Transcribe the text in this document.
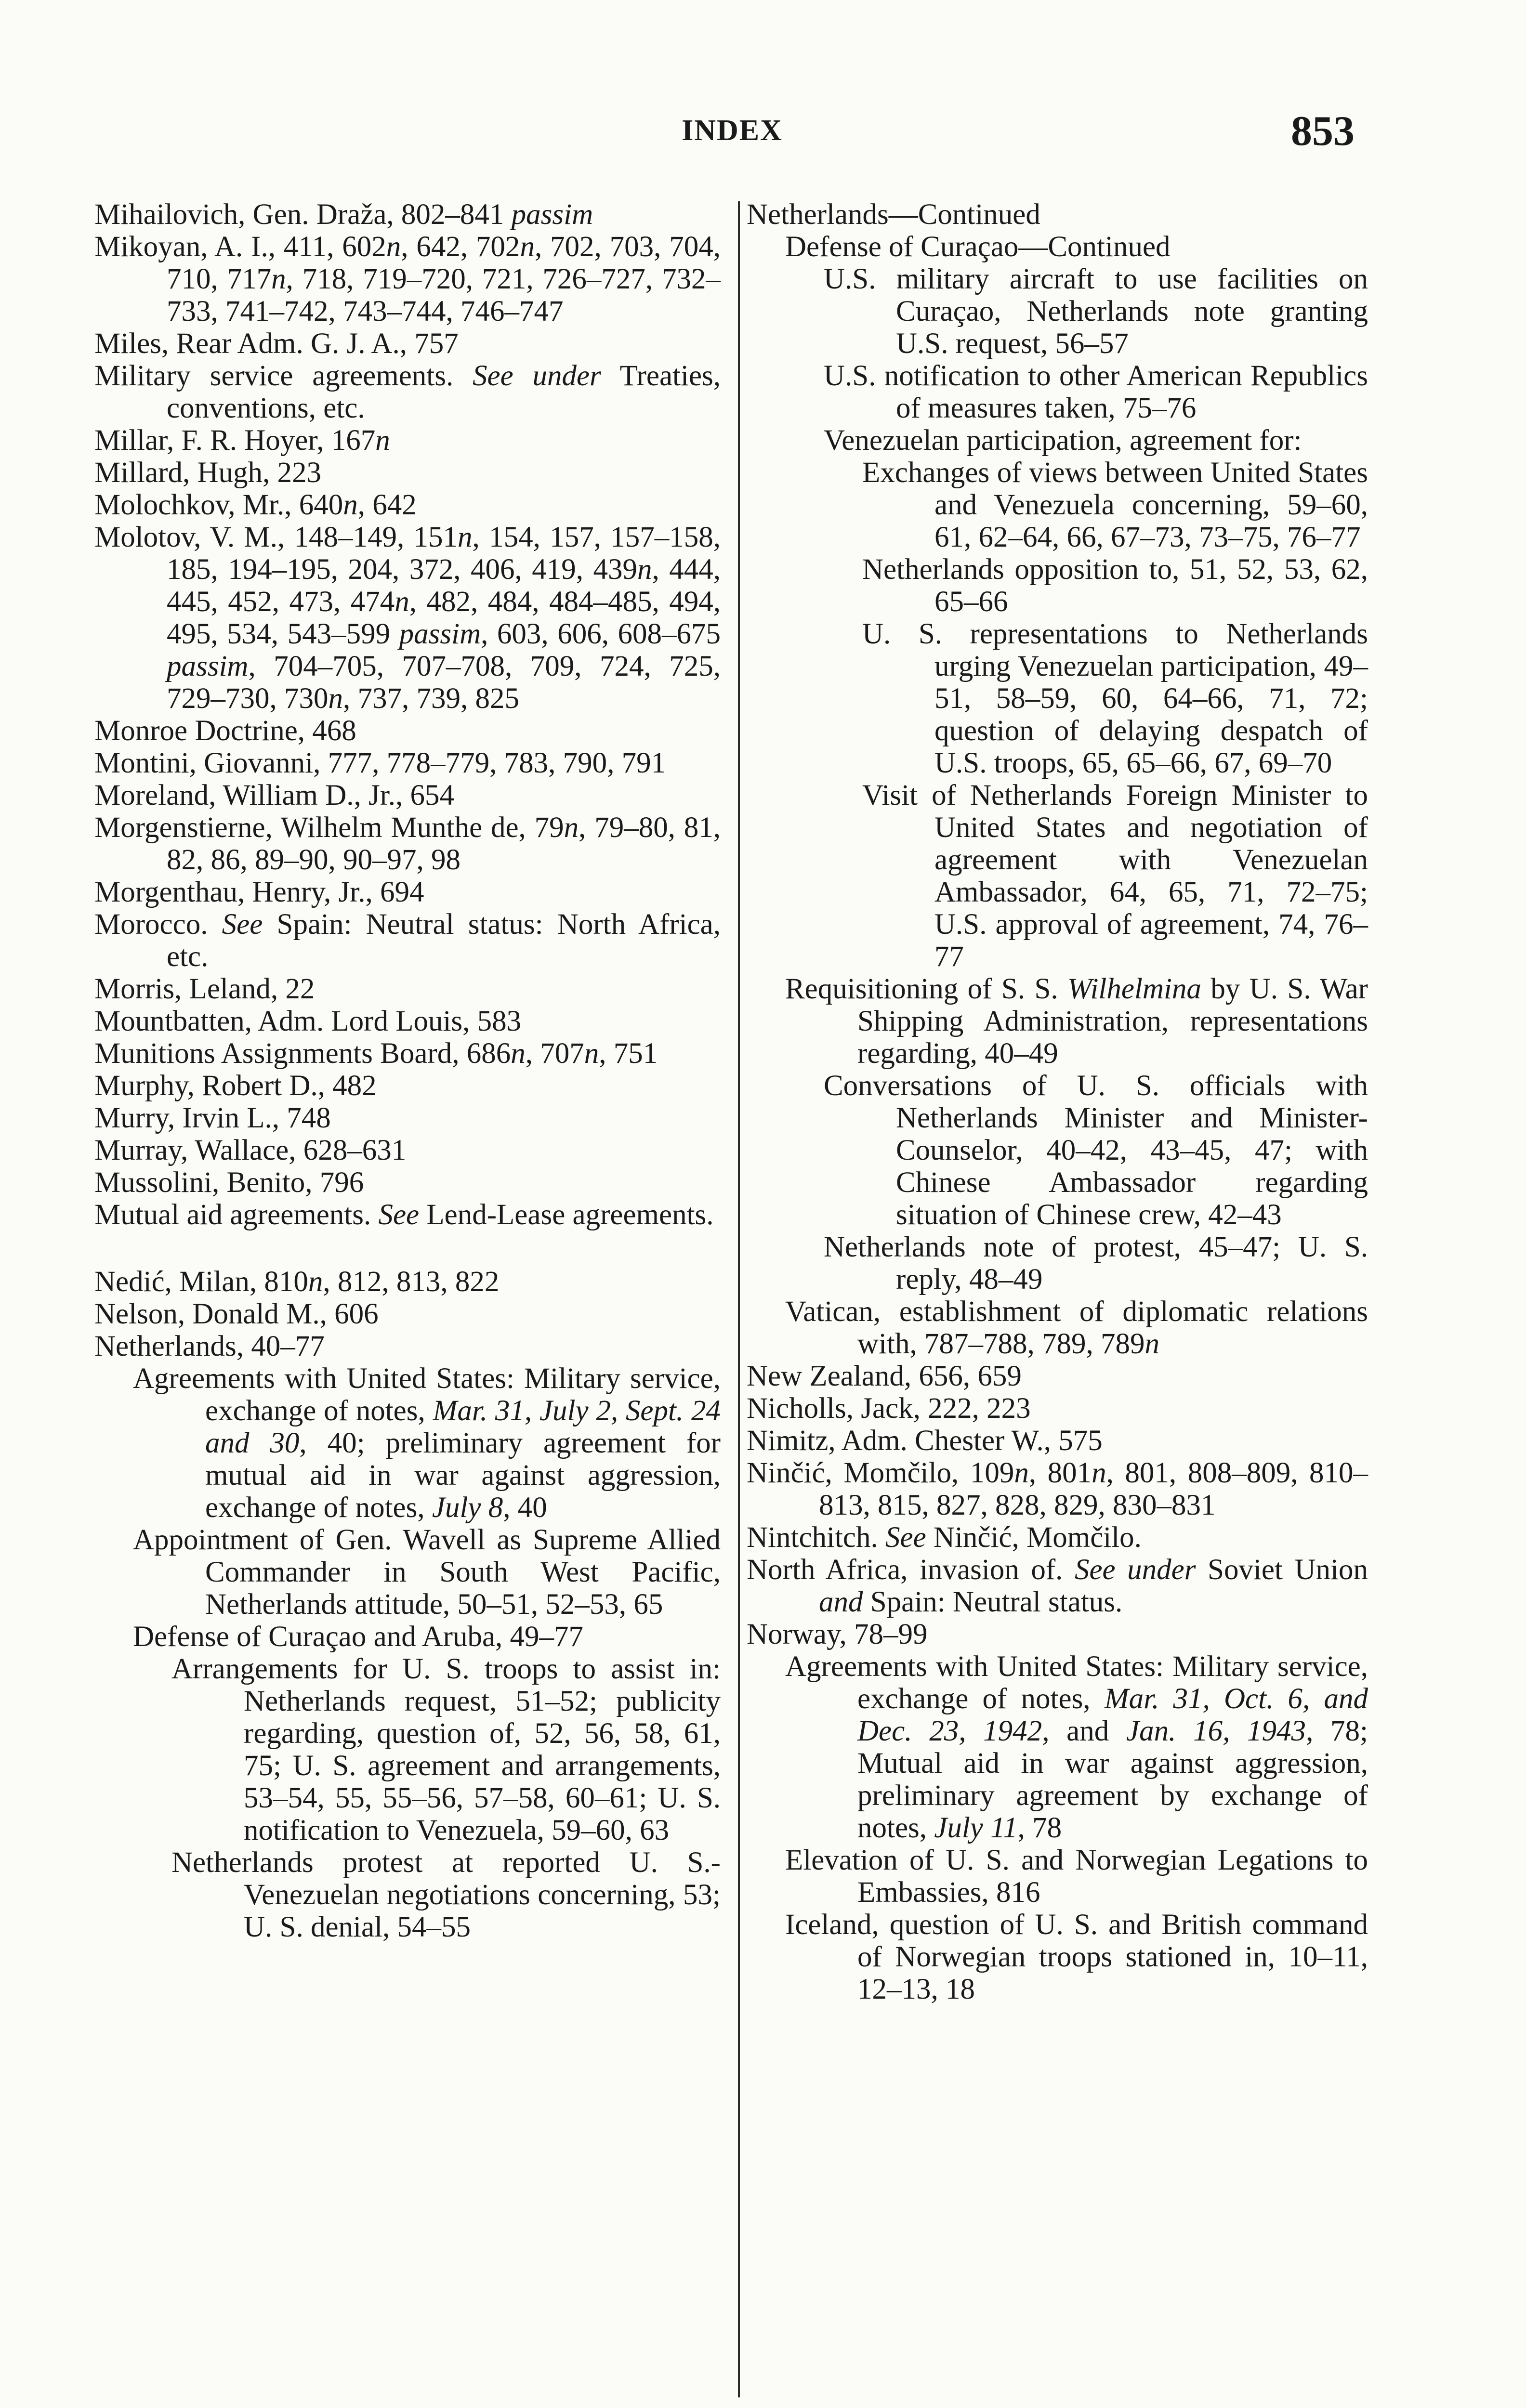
INDEX	853

Mihailovich, Gen. Draža, 802–841 passim

Mikoyan, A. I., 411, 602n, 642, 702n, 702, 703, 704, 710, 717n, 718, 719–720, 721, 726–727, 732–733, 741–742, 743–744, 746–747

Miles, Rear Adm. G. J. A., 757

Military service agreements. See under Treaties, conventions, etc.

Millar, F. R. Hoyer, 167n

Millard, Hugh, 223

Molochkov, Mr., 640n, 642

Molotov, V. M., 148–149, 151n, 154, 157, 157–158, 185, 194–195, 204, 372, 406, 419, 439n, 444, 445, 452, 473, 474n, 482, 484, 484–485, 494, 495, 534, 543–599 passim, 603, 606, 608–675 passim, 704–705, 707–708, 709, 724, 725, 729–730, 730n, 737, 739, 825

Monroe Doctrine, 468

Montini, Giovanni, 777, 778–779, 783, 790, 791

Moreland, William D., Jr., 654

Morgenstierne, Wilhelm Munthe de, 79n, 79–80, 81, 82, 86, 89–90, 90–97, 98

Morgenthau, Henry, Jr., 694

Morocco. See Spain: Neutral status: North Africa, etc.

Morris, Leland, 22

Mountbatten, Adm. Lord Louis, 583

Munitions Assignments Board, 686n, 707n, 751

Murphy, Robert D., 482

Murry, Irvin L., 748

Murray, Wallace, 628–631

Mussolini, Benito, 796

Mutual aid agreements. See Lend-Lease agreements.

Nedić, Milan, 810n, 812, 813, 822

Nelson, Donald M., 606

Netherlands, 40–77

Agreements with United States: Military service, exchange of notes, Mar. 31, July 2, Sept. 24 and 30, 40; preliminary agreement for mutual aid in war against aggression, exchange of notes, July 8, 40

Appointment of Gen. Wavell as Supreme Allied Commander in South West Pacific, Netherlands attitude, 50–51, 52–53, 65

Defense of Curaçao and Aruba, 49–77

Arrangements for U. S. troops to assist in: Netherlands request, 51–52; publicity regarding, question of, 52, 56, 58, 61, 75; U. S. agreement and arrangements, 53–54, 55, 55–56, 57–58, 60–61; U. S. notification to Venezuela, 59–60, 63

Netherlands protest at reported U. S.-Venezuelan negotiations concerning, 53; U. S. denial, 54–55

Netherlands—Continued

Defense of Curaçao—Continued

U.S. military aircraft to use facilities on Curaçao, Netherlands note granting U.S. request, 56–57

U.S. notification to other American Republics of measures taken, 75–76

Venezuelan participation, agreement for:

Exchanges of views between United States and Venezuela concerning, 59–60, 61, 62–64, 66, 67–73, 73–75, 76–77

Netherlands opposition to, 51, 52, 53, 62, 65–66

U. S. representations to Netherlands urging Venezuelan participation, 49–51, 58–59, 60, 64–66, 71, 72; question of delaying despatch of U.S. troops, 65, 65–66, 67, 69–70

Visit of Netherlands Foreign Minister to United States and negotiation of agreement with Venezuelan Ambassador, 64, 65, 71, 72–75; U.S. approval of agreement, 74, 76–77

Requisitioning of S. S. Wilhelmina by U. S. War Shipping Administration, representations regarding, 40–49

Conversations of U. S. officials with Netherlands Minister and Minister-Counselor, 40–42, 43–45, 47; with Chinese Ambassador regarding situation of Chinese crew, 42–43

Netherlands note of protest, 45–47; U. S. reply, 48–49

Vatican, establishment of diplomatic relations with, 787–788, 789, 789n

New Zealand, 656, 659

Nicholls, Jack, 222, 223

Nimitz, Adm. Chester W., 575

Ninčić, Momčilo, 109n, 801n, 801, 808–809, 810–813, 815, 827, 828, 829, 830–831

Nintchitch. See Ninčić, Momčilo.

North Africa, invasion of. See under Soviet Union and Spain: Neutral status.

Norway, 78–99

Agreements with United States: Military service, exchange of notes, Mar. 31, Oct. 6, and Dec. 23, 1942, and Jan. 16, 1943, 78; Mutual aid in war against aggression, preliminary agreement by exchange of notes, July 11, 78

Elevation of U. S. and Norwegian Legations to Embassies, 816

Iceland, question of U. S. and British command of Norwegian troops stationed in, 10–11, 12–13, 18
